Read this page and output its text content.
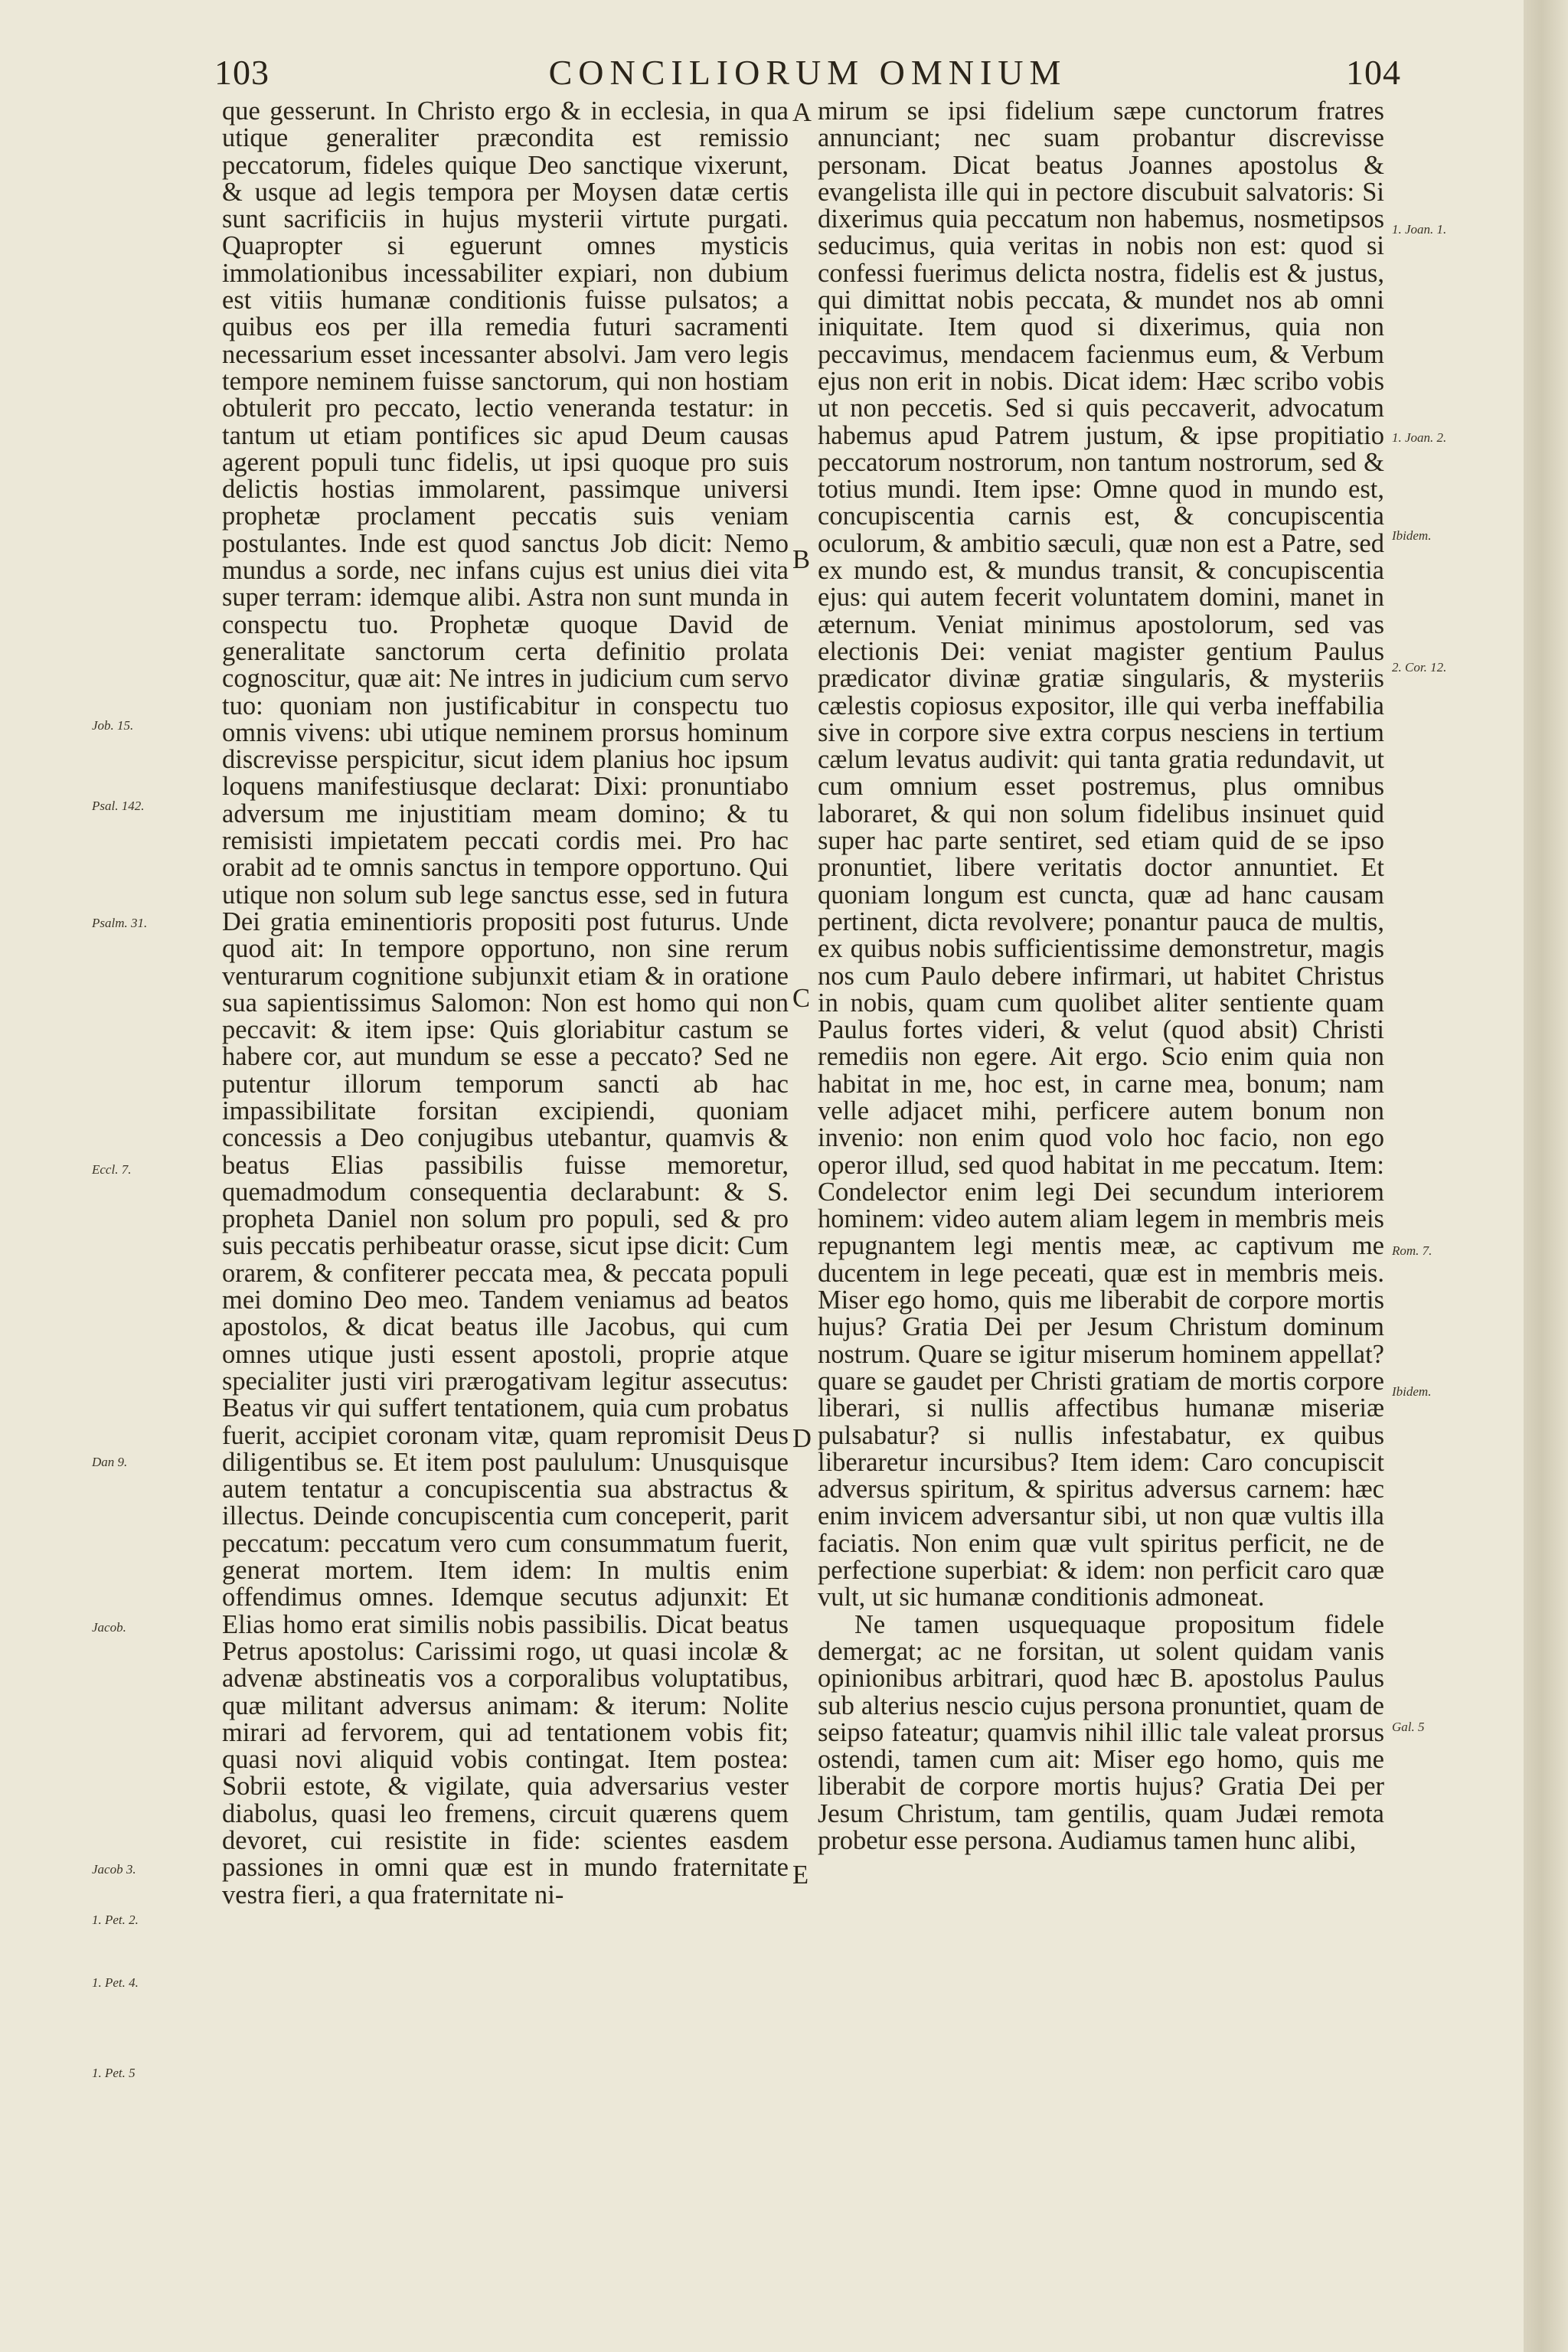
103	CONCILIORUM OMNIUM	104

que gesserunt. In Christo ergo & in ecclesia, in qua utique generaliter præcondita est remissio peccatorum, fideles quique Deo sanctique vixerunt, & usque ad legis tempora per Moysen datæ certis sunt sacrificiis in hujus mysterii virtute purgati. Quapropter si eguerunt omnes mysticis immolationibus incessabiliter expiari, non dubium est vitiis humanæ conditionis fuisse pulsatos; a quibus eos per illa remedia futuri sacramenti necessarium esset incessanter absolvi. Jam vero legis tempore neminem fuisse sanctorum, qui non hostiam obtulerit pro peccato, lectio veneranda testatur: in tantum ut etiam pontifices sic apud Deum causas agerent populi tunc fidelis, ut ipsi quoque pro suis delictis hostias immolarent, passimque universi prophetæ proclament peccatis suis veniam postulantes. Inde est quod sanctus Job dicit: Nemo mundus a sorde, nec infans cujus est unius diei vita super terram: idemque alibi. Astra non sunt munda in conspectu tuo. Prophetæ quoque David de generalitate sanctorum certa definitio prolata cognoscitur, quæ ait: Ne intres in judicium cum servo tuo: quoniam non justificabitur in conspectu tuo omnis vivens: ubi utique neminem prorsus hominum discrevisse perspicitur, sicut idem planius hoc ipsum loquens manifestiusque declarat: Dixi: pronuntiabo adversum me injustitiam meam domino; & tu remisisti impietatem peccati cordis mei. Pro hac orabit ad te omnis sanctus in tempore opportuno. Qui utique non solum sub lege sanctus esse, sed in futura Dei gratia eminentioris propositi post futurus. Unde quod ait: In tempore opportuno, non sine rerum venturarum cognitione subjunxit etiam & in oratione sua sapientissimus Salomon: Non est homo qui non peccavit: & item ipse: Quis gloriabitur castum se habere cor, aut mundum se esse a peccato? Sed ne putentur illorum temporum sancti ab hac impassibilitate forsitan excipiendi, quoniam concessis a Deo conjugibus utebantur, quamvis & beatus Elias passibilis fuisse memoretur, quemadmodum consequentia declarabunt: & S. propheta Daniel non solum pro populi, sed & pro suis peccatis perhibeatur orasse, sicut ipse dicit: Cum orarem, & confiterer peccata mea, & peccata populi mei domino Deo meo. Tandem veniamus ad beatos apostolos, & dicat beatus ille Jacobus, qui cum omnes utique justi essent apostoli, proprie atque specialiter justi viri prærogativam legitur assecutus: Beatus vir qui suffert tentationem, quia cum probatus fuerit, accipiet coronam vitæ, quam repromisit Deus diligentibus se. Et item post paululum: Unusquisque autem tentatur a concupiscentia sua abstractus & illectus. Deinde concupiscentia cum conceperit, parit peccatum: peccatum vero cum consummatum fuerit, generat mortem. Item idem: In multis enim offendimus omnes. Idemque secutus adjunxit: Et Elias homo erat similis nobis passibilis. Dicat beatus Petrus apostolus: Carissimi rogo, ut quasi incolæ & advenæ abstineatis vos a corporalibus voluptatibus, quæ militant adversus animam: & iterum: Nolite mirari ad fervorem, qui ad tentationem vobis fit; quasi novi aliquid vobis contingat. Item postea: Sobrii estote, & vigilate, quia adversarius vester diabolus, quasi leo fremens, circuit quærens quem devoret, cui resistite in fide: scientes easdem passiones in omni quæ est in mundo fraternitate vestra fieri, a qua fraternitate ni-

mirum se ipsi fidelium sæpe cunctorum fratres annunciant; nec suam probantur discrevisse personam. Dicat beatus Joannes apostolus & evangelista ille qui in pectore discubuit salvatoris: Si dixerimus quia peccatum non habemus, nosmetipsos seducimus, quia veritas in nobis non est: quod si confessi fuerimus delicta nostra, fidelis est & justus, qui dimittat nobis peccata, & mundet nos ab omni iniquitate. Item quod si dixerimus, quia non peccavimus, mendacem facienmus eum, & Verbum ejus non erit in nobis. Dicat idem: Hæc scribo vobis ut non peccetis. Sed si quis peccaverit, advocatum habemus apud Patrem justum, & ipse propitiatio peccatorum nostrorum, non tantum nostrorum, sed & totius mundi. Item ipse: Omne quod in mundo est, concupiscentia carnis est, & concupiscentia oculorum, & ambitio sæculi, quæ non est a Patre, sed ex mundo est, & mundus transit, & concupiscentia ejus: qui autem fecerit voluntatem domini, manet in æternum. Veniat minimus apostolorum, sed vas electionis Dei: veniat magister gentium Paulus prædicator divinæ gratiæ singularis, & mysteriis cælestis copiosus expositor, ille qui verba ineffabilia sive in corpore sive extra corpus nesciens in tertium cælum levatus audivit: qui tanta gratia redundavit, ut cum omnium esset postremus, plus omnibus laboraret, & qui non solum fidelibus insinuet quid super hac parte sentiret, sed etiam quid de se ipso pronuntiet, libere veritatis doctor annuntiet. Et quoniam longum est cuncta, quæ ad hanc causam pertinent, dicta revolvere; ponantur pauca de multis, ex quibus nobis sufficientissime demonstretur, magis nos cum Paulo debere infirmari, ut habitet Christus in nobis, quam cum quolibet aliter sentiente quam Paulus fortes videri, & velut (quod absit) Christi remediis non egere. Ait ergo. Scio enim quia non habitat in me, hoc est, in carne mea, bonum; nam velle adjacet mihi, perficere autem bonum non invenio: non enim quod volo hoc facio, non ego operor illud, sed quod habitat in me peccatum. Item: Condelector enim legi Dei secundum interiorem hominem: video autem aliam legem in membris meis repugnantem legi mentis meæ, ac captivum me ducentem in lege peceati, quæ est in membris meis. Miser ego homo, quis me liberabit de corpore mortis hujus? Gratia Dei per Jesum Christum dominum nostrum. Quare se igitur miserum hominem appellat? quare se gaudet per Christi gratiam de mortis corpore liberari, si nullis affectibus humanæ miseriæ pulsabatur? si nullis infestabatur, ex quibus liberaretur incursibus? Item idem: Caro concupiscit adversus spiritum, & spiritus adversus carnem: hæc enim invicem adversantur sibi, ut non quæ vultis illa faciatis. Non enim quæ vult spiritus perficit, ne de perfectione superbiat: & idem: non perficit caro quæ vult, ut sic humanæ conditionis admoneat.

Ne tamen usquequaque propositum fidele demergat; ac ne forsitan, ut solent quidam vanis opinionibus arbitrari, quod hæc B. apostolus Paulus sub alterius nescio cujus persona pronuntiet, quam de seipso fateatur; quamvis nihil illic tale valeat prorsus ostendi, tamen cum ait: Miser ego homo, quis me liberabit de corpore mortis hujus? Gratia Dei per Jesum Christum, tam gentilis, quam Judæi remota probetur esse persona. Audiamus tamen hunc alibi,

A
B
C
D
E
Job. 15.
Psal. 142.
Psalm. 31.
Eccl. 7.
Dan 9.
Jacob.
Jacob 3.
1. Pet. 2.
1. Pet. 4.
1. Pet. 5
1. Joan. 1.
1. Joan. 2.
Ibidem.
2. Cor. 12.
Rom. 7.
Ibidem.
Gal. 5
